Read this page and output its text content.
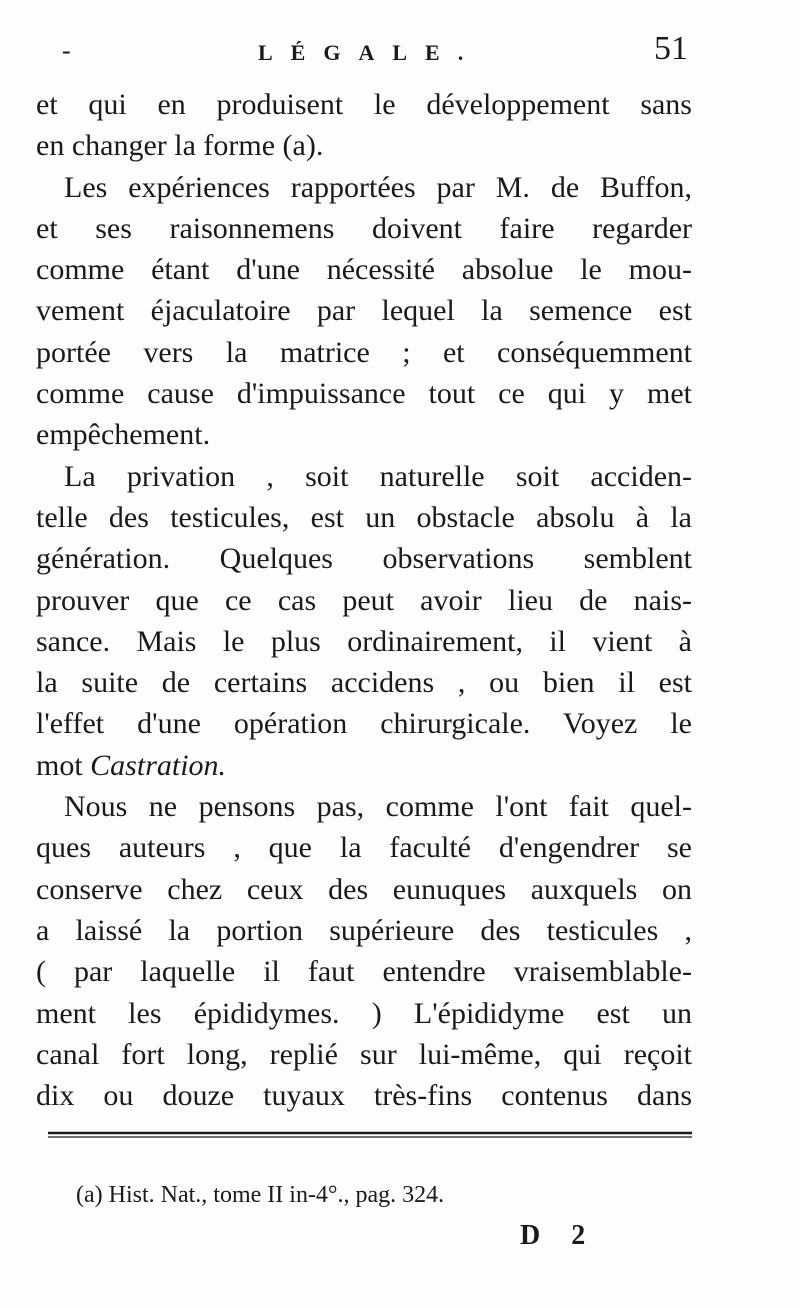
-	LÉGALE.	51
et qui en produisent le développement sans
en changer la forme (a).
Les expériences rapportées par M. de Buffon,
et ses raisonnemens doivent faire regarder
comme étant d'une nécessité absolue le mou-
vement éjaculatoire par lequel la semence est
portée vers la matrice ; et conséquemment
comme cause d'impuissance tout ce qui y met
empêchement.
La privation , soit naturelle soit acciden-
telle des testicules, est un obstacle absolu à la
génération. Quelques observations semblent
prouver que ce cas peut avoir lieu de nais-
sance. Mais le plus ordinairement, il vient à
la suite de certains accidens , ou bien il est
l'effet d'une opération chirurgicale. Voyez le
mot Castration.
Nous ne pensons pas, comme l'ont fait quel-
ques auteurs , que la faculté d'engendrer se
conserve chez ceux des eunuques auxquels on
a laissé la portion supérieure des testicules ,
( par laquelle il faut entendre vraisemblable-
ment les épididymes. ) L'épididyme est un
canal fort long, replié sur lui-même, qui reçoit
dix ou douze tuyaux très-fins contenus dans
(a) Hist. Nat., tome II in-4°., pag. 324.
D 2
